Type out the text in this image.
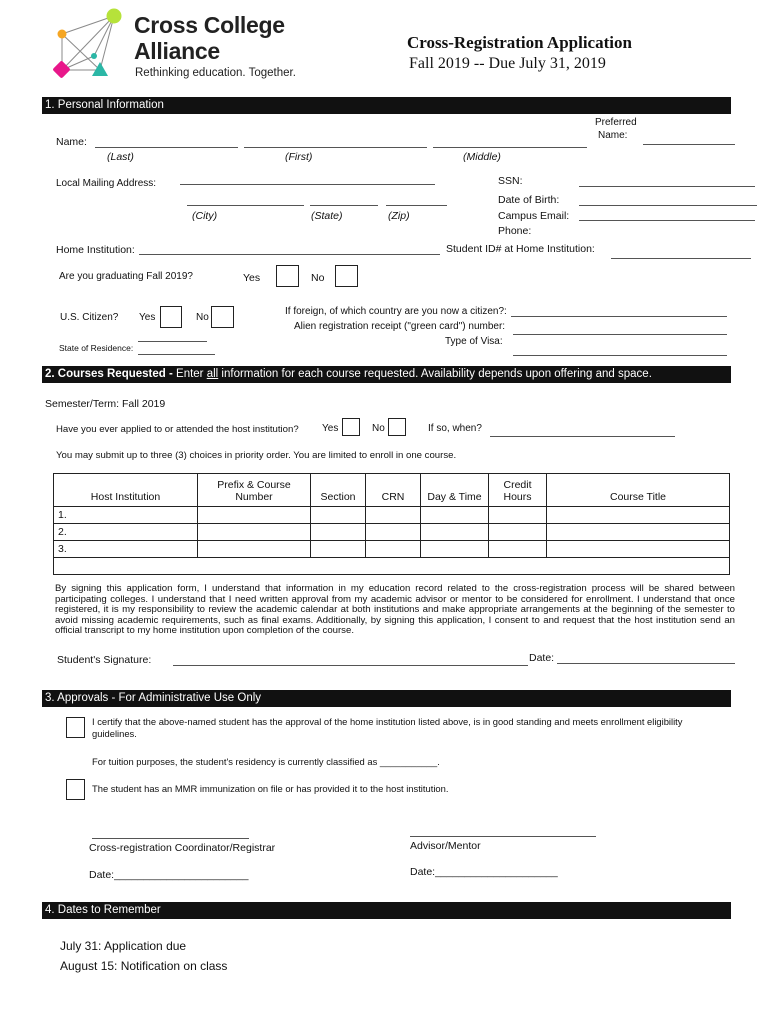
Cross College
Alliance
Rethinking education. Together.
Cross-Registration Application
Fall 2019 -- Due July 31, 2019
1. Personal Information
Preferred
Name:
Name:
(Last)	(First)	(Middle)
Local Mailing Address:
(City)	(State)	(Zip)
SSN:
Date of Birth:
Campus Email:
Phone:
Home Institution:	Student ID# at Home Institution:
Are you graduating Fall 2019?	Yes	No
U.S. Citizen? Yes	No
If foreign, of which country are you now a citizen?:
Alien registration receipt ("green card") number:
Type of Visa:
State of Residence:
2. Courses Requested - Enter all information for each course requested. Availability depends upon offering and space.
Semester/Term: Fall 2019
Have you ever applied to or attended the host institution? Yes	No	If so, when?
You may submit up to three (3) choices in priority order. You are limited to enroll in one course.
Host Institution	Prefix & Course Number	Section	CRN	Day & Time	Credit Hours	Course Title
1.						
2.						
3.						

By signing this application form, I understand that information in my education record related to the cross-registration process will be shared between participating colleges. I understand that I need written approval from my academic advisor or mentor to be considered for enrollment. I understand that once registered, it is my responsibility to review the academic calendar at both institutions and make appropriate arrangements at the beginning of the semester to avoid missing academic requirements, such as final exams. Additionally, by signing this application, I consent to and request that the host institution send an official transcript to my home institution upon completion of the course.
Student's Signature:	Date:
3. Approvals - For Administrative Use Only
I certify that the above-named student has the approval of the home institution listed above, is in good standing and meets enrollment eligibility guidelines.
For tuition purposes, the student's residency is currently classified as ___________.
The student has an MMR immunization on file or has provided it to the host institution.
Cross-registration Coordinator/Registrar	Advisor/Mentor
Date:_______________________	Date:_____________________
4. Dates to Remember
July 31: Application due
August 15: Notification on class
